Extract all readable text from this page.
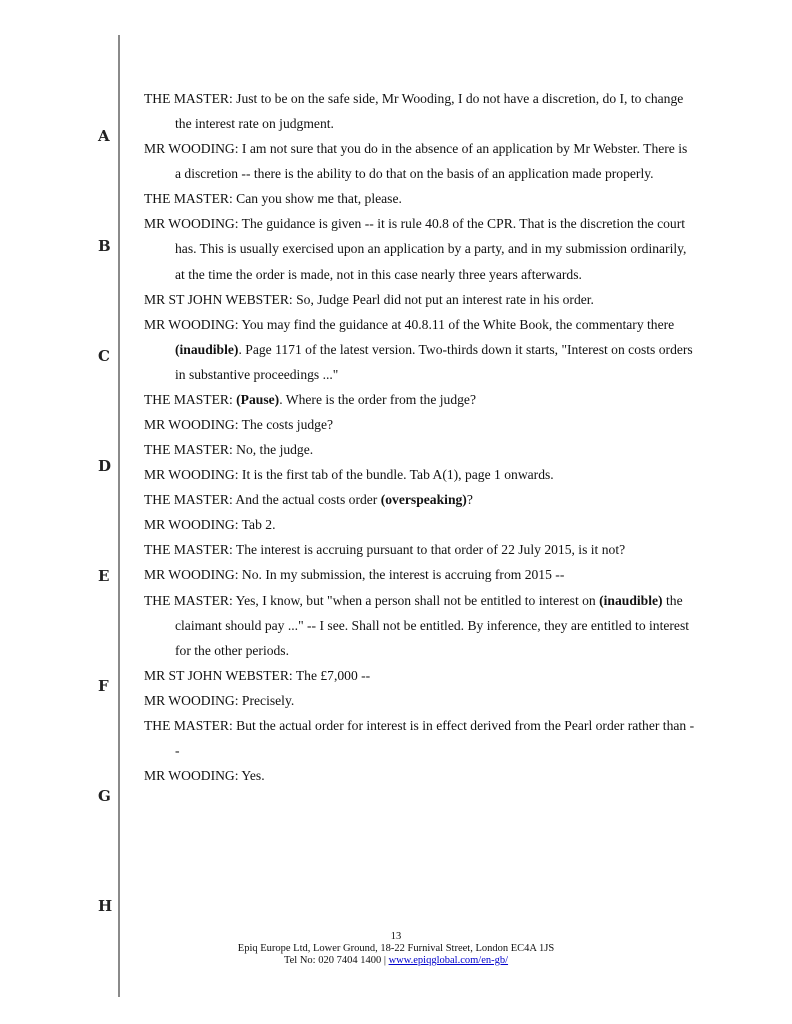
A
B
C
D
E
F
G
H

THE MASTER: Just to be on the safe side, Mr Wooding, I do not have a discretion, do I, to change the interest rate on judgment.

MR WOODING: I am not sure that you do in the absence of an application by Mr Webster. There is a discretion -- there is the ability to do that on the basis of an application made properly.

THE MASTER: Can you show me that, please.

MR WOODING: The guidance is given -- it is rule 40.8 of the CPR. That is the discretion the court has. This is usually exercised upon an application by a party, and in my submission ordinarily, at the time the order is made, not in this case nearly three years afterwards.

MR ST JOHN WEBSTER: So, Judge Pearl did not put an interest rate in his order.

MR WOODING: You may find the guidance at 40.8.11 of the White Book, the commentary there (inaudible). Page 1171 of the latest version. Two-thirds down it starts, "Interest on costs orders in substantive proceedings ..."

THE MASTER: (Pause). Where is the order from the judge?

MR WOODING: The costs judge?

THE MASTER: No, the judge.

MR WOODING: It is the first tab of the bundle. Tab A(1), page 1 onwards.

THE MASTER: And the actual costs order (overspeaking)?

MR WOODING: Tab 2.

THE MASTER: The interest is accruing pursuant to that order of 22 July 2015, is it not?

MR WOODING: No. In my submission, the interest is accruing from 2015 --

THE MASTER: Yes, I know, but "when a person shall not be entitled to interest on (inaudible) the claimant should pay ..." -- I see. Shall not be entitled. By inference, they are entitled to interest for the other periods.

MR ST JOHN WEBSTER: The £7,000 --

MR WOODING: Precisely.

THE MASTER: But the actual order for interest is in effect derived from the Pearl order rather than --

MR WOODING: Yes.

13
Epiq Europe Ltd, Lower Ground, 18-22 Furnival Street, London EC4A 1JS
Tel No: 020 7404 1400 | www.epiqglobal.com/en-gb/
